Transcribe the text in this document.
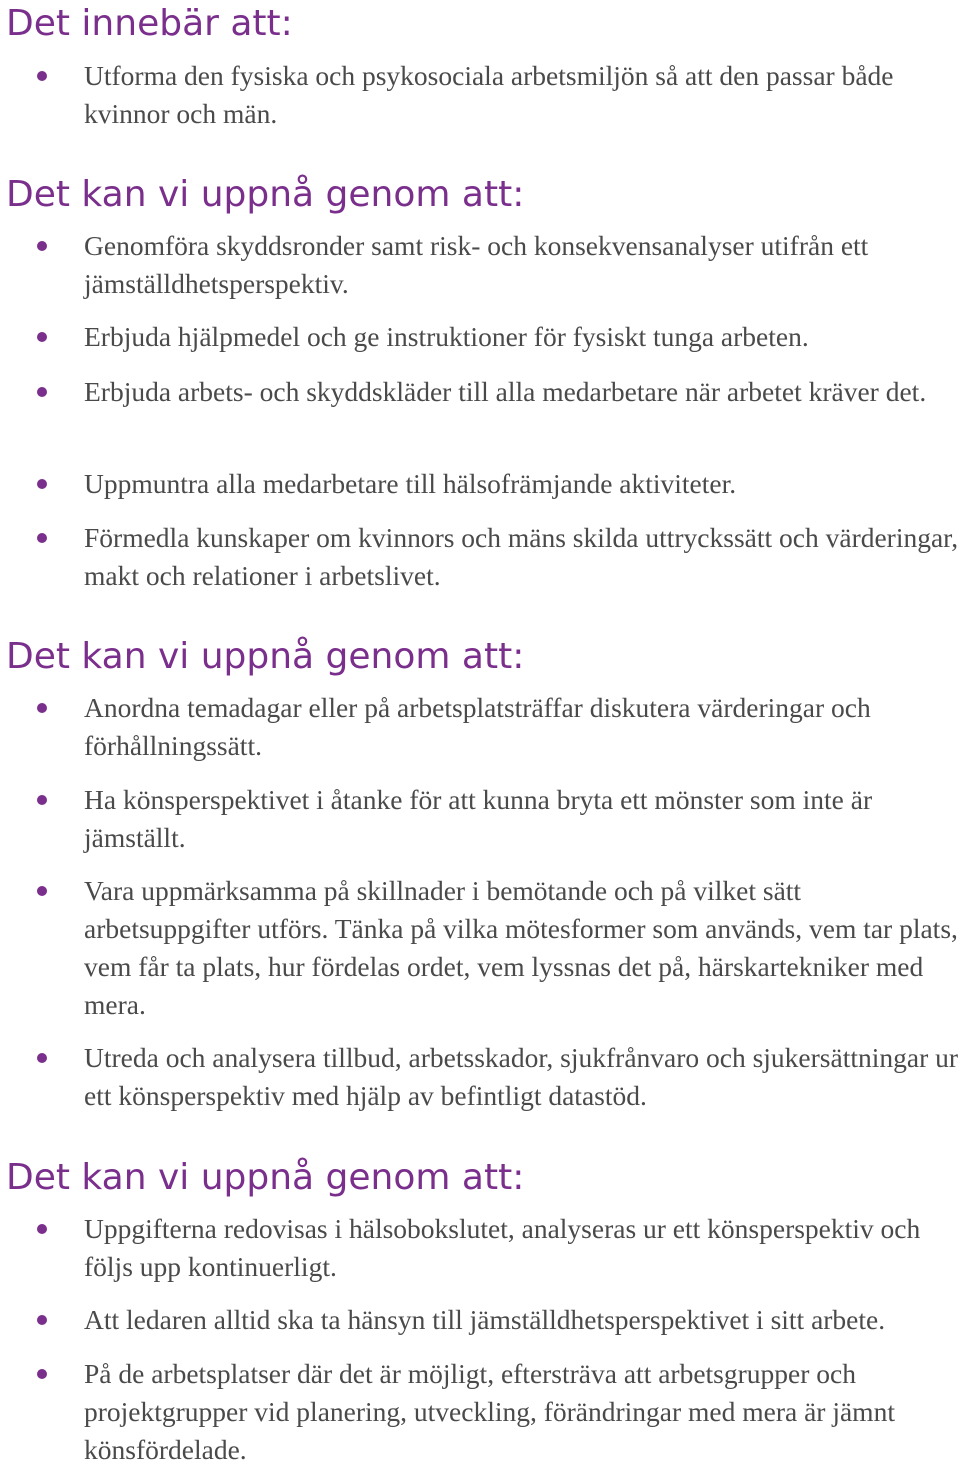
Det innebär att:

Utforma den fysiska och psykosociala arbetsmiljön så att den passar både kvinnor och män.

Det kan vi uppnå genom att:

Genomföra skyddsronder samt risk- och konsekvensanalyser utifrån ett jämställdhetsperspektiv.

Erbjuda hjälpmedel och ge instruktioner för fysiskt tunga arbeten.

Erbjuda arbets- och skyddskläder till alla medarbetare när arbetet kräver det.

Uppmuntra alla medarbetare till hälsofrämjande aktiviteter.

Förmedla kunskaper om kvinnors och mäns skilda uttryckssätt och värderingar, makt och relationer i arbetslivet.

Det kan vi uppnå genom att:

Anordna temadagar eller på arbetsplatsträffar diskutera värderingar och förhållningssätt.

Ha könsperspektivet i åtanke för att kunna bryta ett mönster som inte är jämställt.

Vara uppmärksamma på skillnader i bemötande och på vilket sätt arbetsuppgifter utförs. Tänka på vilka mötesformer som används, vem tar plats, vem får ta plats, hur fördelas ordet, vem lyssnas det på, härskartekniker med mera.

Utreda och analysera tillbud, arbetsskador, sjukfrånvaro och sjukersättningar ur ett könsperspektiv med hjälp av befintligt datastöd.

Det kan vi uppnå genom att:

Uppgifterna redovisas i hälsobokslutet, analyseras ur ett könsperspektiv och följs upp kontinuerligt.

Att ledaren alltid ska ta hänsyn till jämställdhetsperspektivet i sitt arbete.

På de arbetsplatser där det är möjligt, eftersträva att arbetsgrupper och projektgrupper vid planering, utveckling, förändringar med mera är jämnt könsfördelade.
